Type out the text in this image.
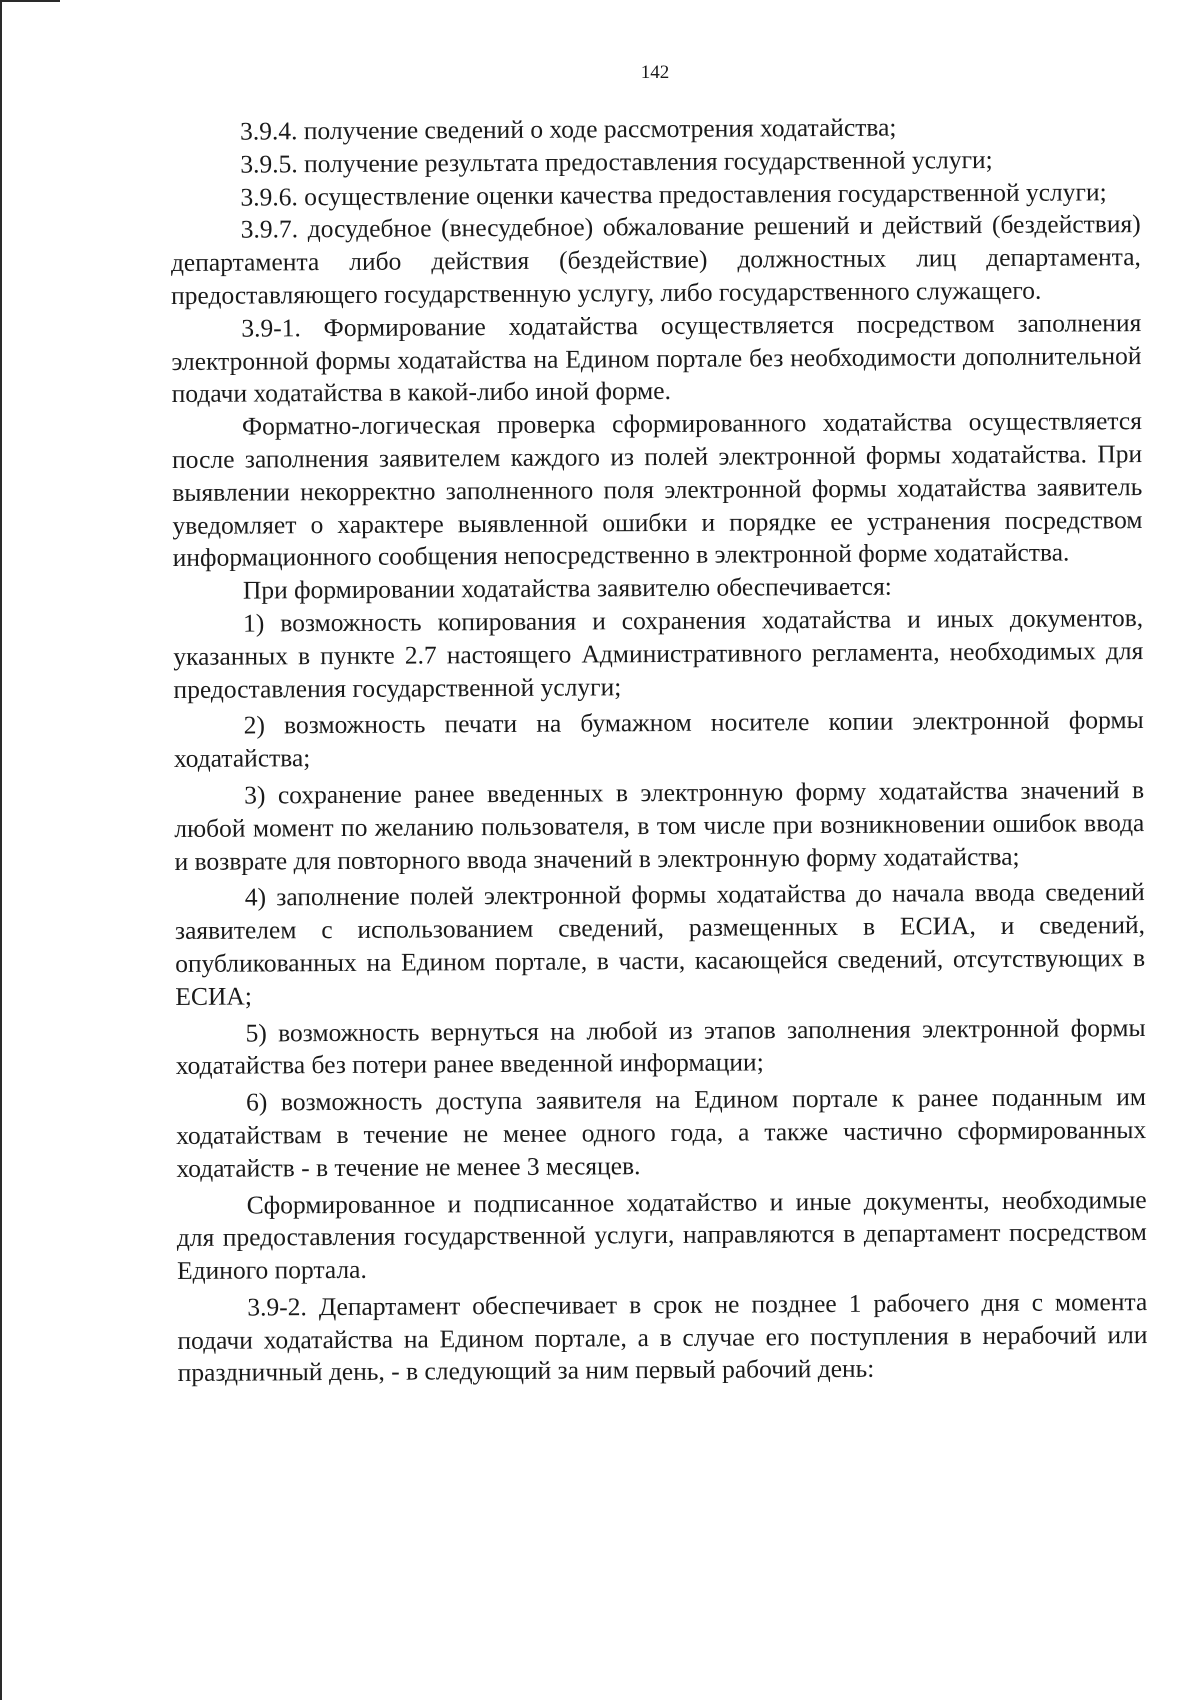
142

3.9.4. получение сведений о ходе рассмотрения ходатайства;

3.9.5. получение результата предоставления государственной услуги;

3.9.6. осуществление оценки качества предоставления государственной услуги;

3.9.7. досудебное (внесудебное) обжалование решений и действий (бездействия) департамента либо действия (бездействие) должностных лиц департамента, предоставляющего государственную услугу, либо государственного служащего.

3.9-1. Формирование ходатайства осуществляется посредством заполнения электронной формы ходатайства на Едином портале без необходимости дополнительной подачи ходатайства в какой-либо иной форме.

Форматно-логическая проверка сформированного ходатайства осуществляется после заполнения заявителем каждого из полей электронной формы ходатайства. При выявлении некорректно заполненного поля электронной формы ходатайства заявитель уведомляет о характере выявленной ошибки и порядке ее устранения посредством информационного сообщения непосредственно в электронной форме ходатайства.

При формировании ходатайства заявителю обеспечивается:

1) возможность копирования и сохранения ходатайства и иных документов, указанных в пункте 2.7 настоящего Административного регламента, необходимых для предоставления государственной услуги;

2) возможность печати на бумажном носителе копии электронной формы ходатайства;

3) сохранение ранее введенных в электронную форму ходатайства значений в любой момент по желанию пользователя, в том числе при возникновении ошибок ввода и возврате для повторного ввода значений в электронную форму ходатайства;

4) заполнение полей электронной формы ходатайства до начала ввода сведений заявителем с использованием сведений, размещенных в ЕСИА, и сведений, опубликованных на Едином портале, в части, касающейся сведений, отсутствующих в ЕСИА;

5) возможность вернуться на любой из этапов заполнения электронной формы ходатайства без потери ранее введенной информации;

6) возможность доступа заявителя на Едином портале к ранее поданным им ходатайствам в течение не менее одного года, а также частично сформированных ходатайств - в течение не менее 3 месяцев.

Сформированное и подписанное ходатайство и иные документы, необходимые для предоставления государственной услуги, направляются в департамент посредством Единого портала.

3.9-2. Департамент обеспечивает в срок не позднее 1 рабочего дня с момента подачи ходатайства на Едином портале, а в случае его поступления в нерабочий или праздничный день, - в следующий за ним первый рабочий день:
